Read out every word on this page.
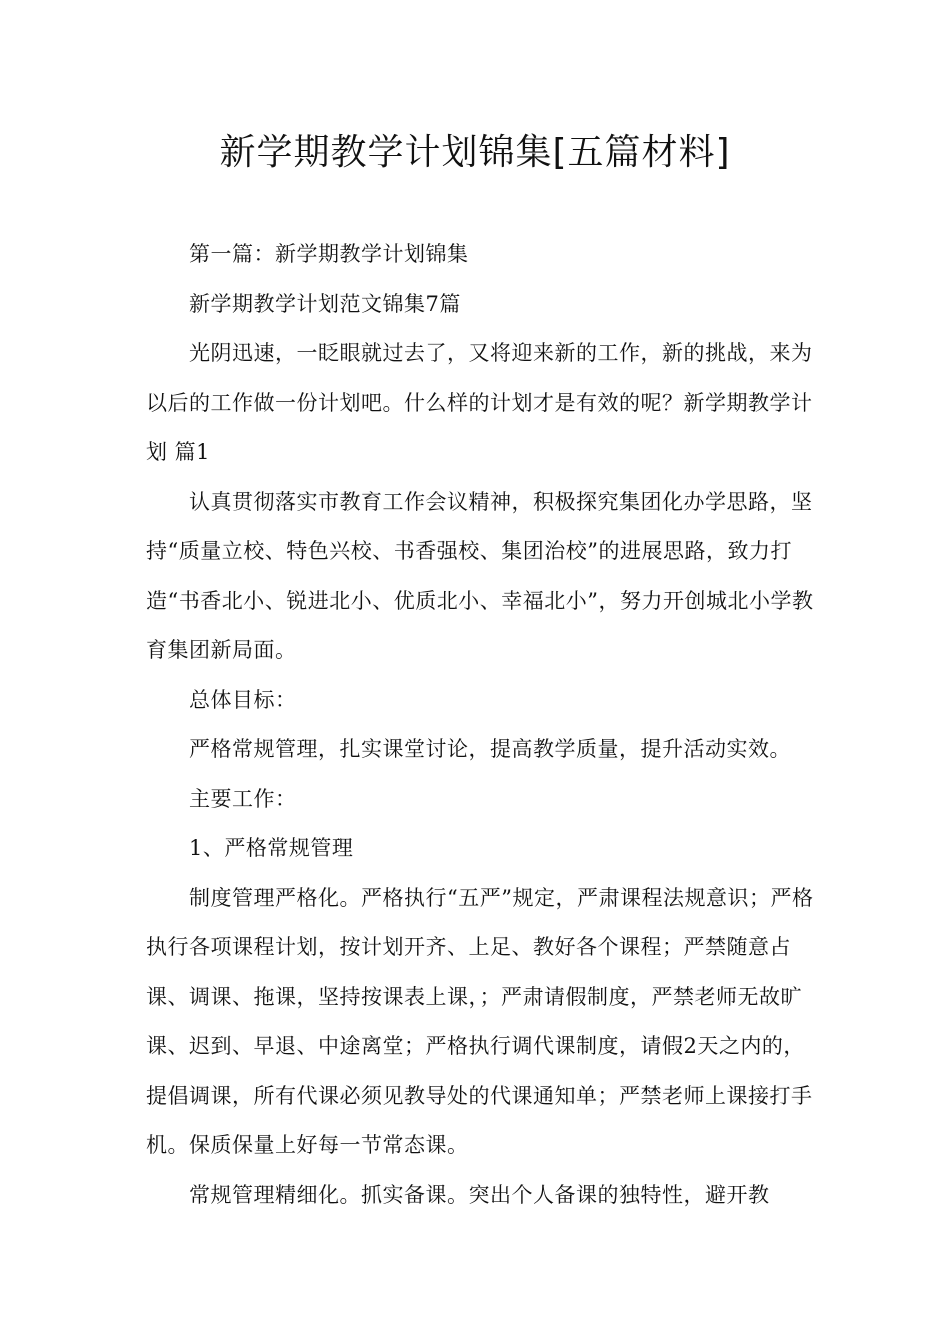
新学期教学计划锦集[五篇材料]

第一篇：新学期教学计划锦集

新学期教学计划范文锦集7篇

光阴迅速，一眨眼就过去了，又将迎来新的工作，新的挑战，来为以后的工作做一份计划吧。什么样的计划才是有效的呢？新学期教学计划 篇1

认真贯彻落实市教育工作会议精神，积极探究集团化办学思路，坚持“质量立校、特色兴校、书香强校、集团治校”的进展思路，致力打造“书香北小、锐进北小、优质北小、幸福北小”，努力开创城北小学教育集团新局面。

总体目标：

严格常规管理，扎实课堂讨论，提高教学质量，提升活动实效。

主要工作：

1、严格常规管理

制度管理严格化。严格执行“五严”规定，严肃课程法规意识；严格执行各项课程计划，按计划开齐、上足、教好各个课程；严禁随意占课、调课、拖课，坚持按课表上课，；严肃请假制度，严禁老师无故旷课、迟到、早退、中途离堂；严格执行调代课制度，请假2天之内的，提倡调课，所有代课必须见教导处的代课通知单；严禁老师上课接打手机。保质保量上好每一节常态课。

常规管理精细化。抓实备课。突出个人备课的独特性，避开教
